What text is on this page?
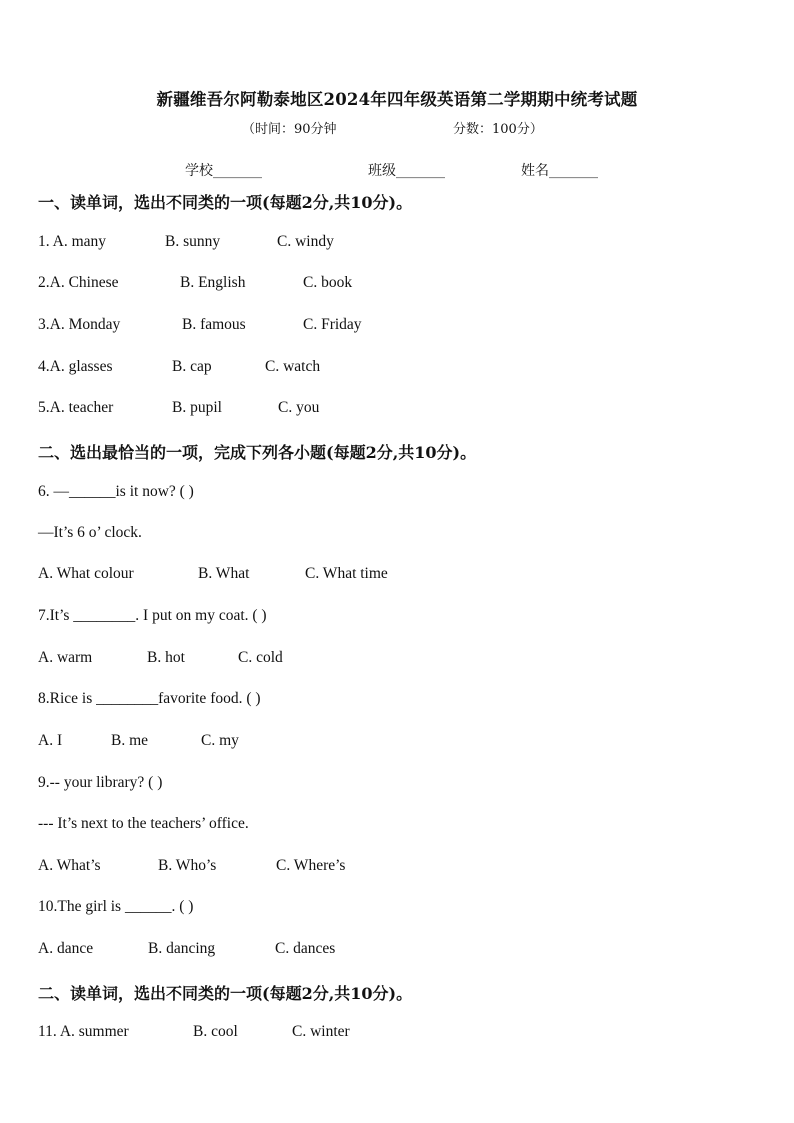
新疆维吾尔阿勒泰地区2024年四年级英语第二学期期中统考试题
（时间：90分钟	分数：100分）
学校_______	班级_______	姓名_______
一、读单词，选出不同类的一项(每题2分,共10分)。
1. A. many	B. sunny	C. windy
2.A. Chinese	B. English	C. book
3.A. Monday	B. famous	C. Friday
4.A. glasses	B. cap	C. watch
5.A. teacher	B. pupil	C. you
二、选出最恰当的一项，完成下列各小题(每题2分,共10分)。
6. —______is it now? ( )
—It’s 6 o’ clock.
A. What colour	B. What	C. What time
7.It’s ________. I put on my coat. ( )
A. warm	B. hot	C. cold
8.Rice is ________favorite food. ( )
A. I	B. me	C. my
9.-- your library? ( )
--- It’s next to the teachers’ office.
A. What’s	B. Who’s	C. Where’s
10.The girl is ______. ( )
A. dance	B. dancing	C. dances
二、读单词，选出不同类的一项(每题2分,共10分)。
11. A. summer	B. cool	C. winter
